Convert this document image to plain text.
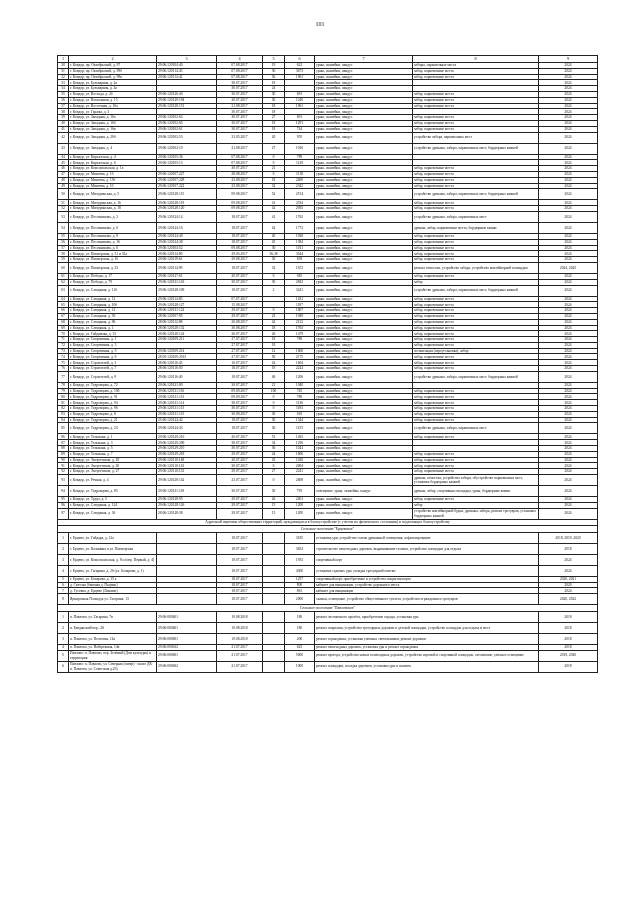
101
1	2	3	4	5	6	7	8	9
30	г. Ковдор, пр. Октябрьский, д. 97	29:06:120104:40	07.08.2017	19	622	урны, скамейки, пандус	заборы, парковочные места	2024
31	г. Ковдор, пр. Октябрьский, д. 99б	29:06:120114:43	07.08.2017	30	3673	урны, скамейки, пандус	забор, парковочные места	2024
32	г. Ковдор, пр. Октябрьский, д. 99в	29:06:120114:42	07.08.2017	36	1961	урны, скамейки, пандус	забор, парковочные места	2024
33	г. Ковдор, ул. Бульварная, д. 2а		30.07.2017	18		урны, скамейки, пандус		2024
34	г. Ковдор, ул. Бульварная, д. 4а		30.07.2017	24		урны, скамейки, пандус		2024
35	г. Ковдор, ул. Восхода, д. 24	29:06:120126:40	30.07.2017	30	691	урны, скамейки, пандус	забор, парковочные места	2024
36	г. Ковдор, ул. Вокзальная, д. 15	29:06:120129:194	30.07.2017	30	1240	урны, скамейки, пандус	забор, парковочные места	2024
37	г. Ковдор, ул. Восточная, д. 10а	29:06:120128:151	21.08.2017	18	1961	урны, скамейки, пандус	забор, парковочные места	2024
38	г. Ковдор, ул. Гаража, д. 3		30.07.2017	18		урны, скамейки, пандус		2024
39	г. Ковдор, ул. Западная, д. 16а	29:06:120102:63	30.07.2017	27	691	урны, скамейки, пандус	забор, парковочные места	2024
40	г. Ковдор, ул. Западная, д. 16б	29:06:120102:65	30.07.2017	18	1291	урны, скамейки, пандус	забор, парковочные места	2024
41	г. Ковдор, ул. Западная, д. 16в	29:06:120102:61	30.07.2017	18	744	урны, скамейки, пандус	забор, парковочные места	2024
42	г. Ковдор, ул. Западная, д. 20б	29:06:120102:53	23.05.2017	20	955	урны, скамейки, пандус	устройство забора, парковочных мест	2024
43	г. Ковдор, ул. Западная, д. 4	29:06:120102:10	21.08.2017	27	1016	урны, скамейки, пандус	устройство дренажа, забора, парковочных мест, бордюрных камней	2024
44	г. Ковдор, ул. Кирьятская, д. 4	29:06:120105:36	07.08.2017	0	789	урны, скамейки, пандус		2024
45	г. Ковдор, ул. Кирьятская, д. 6	29:06:120105:13	07.08.2017	0	1149	урны, скамейки, пандус		2024
46	г. Ковдор, ул. Комсомольская, д. 1а		30.07.2017	21		урны, скамейки, пандус	забор, парковочные места	2024
47	г. Ковдор, ул. Минеева, д. 1б	29:06:120107:227	28.08.2017	0	1118	урны, скамейки, пандус	забор, парковочные места	2024
48	г. Ковдор, ул. Минеева, д. 15б	29:06:120107:228	23.08.2017	18	2400	урны, скамейки, пандус	забор, парковочные места	2024
49	г. Ковдор, ул. Минеева, д. 10	29:06:120107:222	23.08.2017	32	2342	урны, скамейки, пандус	забор, парковочные места	2024
50	г. Ковдор, ул. Мичуринская, д. 5	29:06:120128:115	09.08.2017	52	2154	урны, скамейки, пандус	устройство дренажа, забора, парковочных мест, бордюрных камней	2024
51	г. Ковдор, ул. Мичуринская, д. 16	29:06:120128:119	09.08.2017	41	2534	урны, скамейки, пандус	забор, парковочные места	2024
52	г. Ковдор, ул. Мичуринская, д. 18	29:06:120128:120	09.08.2017	42	2935	урны, скамейки, пандус	забор, парковочные места	2024
53	г. Ковдор, ул. Песочникова, д. 2	29:06:120124:14	18.07.2017	41	1762	урны, скамейки, пандус	устройство дренажа, забора, парковочных мест	2024
54	г. Ковдор, ул. Песочникова, д. 6	29:06:120124:16	18.07.2017	42	1772	урны, скамейки, пандус	дренаж, забор, парковочные места, бордюрные камни	2024
55	г. Ковдор, ул. Песочникова, д. 8	29:06:120124:40	18.07.2017	40	1928	урны, скамейки, пандус	забор, парковочные места	2024
56	г. Ковдор, ул. Песочникова, д. 16	29:06:120124:38	18.07.2017	45	1384	урны, скамейки, пандус	забор, парковочные места	2024
57	г. Ковдор, ул. Песочникова, д. 6	29:06:120104:52	09.08.2017	30	1011	урны, скамейки, пандус	забор, парковочные места	2024
58	г. Ковдор, ул. Пионерская, д. 31 и 31а	29:06:120114:80	29.03.2017	36,38	3544	урны, скамейки, пандус	забор, парковочные места	2024
59	г. Ковдор, ул. Пионерская, д. 16	29:06:120119:61	29.08.2017	30	639	урны, скамейки, пандус	забор, парковочные места	2024
60	г. Ковдор, ул. Пионерская, д. 33	29:06:120114:99	18.07.2017	32	1672	урны, скамейки, пандус	ремонт отмостки, устройство забора, устройство контейнерной площадки	2024, 2025
61	г. Ковдор, ул. Победы, д. 17	29:06:120127:61	20.07.2017	0	945	урны, скамейки, пандус	забор, парковочные места	2024
62	г. Ковдор, ул. Победы, д. 79	29:06:120131:143	30.07.2017	30	2843	урны, скамейки, пандус	забор	2024
63	г. Ковдор, ул. Слюдяная, д. 11б	29:06:120128:109	18.07.2017	2	3241	урны, скамейки, пандус	устройство дренажа, забора, парковочных мест, бордюрных камней	2024
64	г. Ковдор, ул. Слюдяная, д. 12	29:06:120114:85	07.07.2017		1431	урны, скамейки, пандус	забор, парковочные места	2024
65	г. Ковдор, ул. Слюдяная, д. 10б	29:06:120128:127	15.08.2017		1187	урны, скамейки, пандус	забор, парковочные места	2024
66	г. Ковдор, ул. Слюдяная, д. 12	28:06:120131:122	29.07.2017	0	1807	урны, скамейки, пандус	забор, парковочные места	2024
67	г. Ковдор, ул. Слюдяная, д. 93	28:06:120107:85	29.07.2017	23	1949	урны, скамейки, пандус	забор, парковочные места	2024
68	г. Ковдор, ул. Слюдяная, д. 96	28:06:120112:88	26.08.2017	42	2122	урны, скамейки, пандус	забор, парковочные места	2024
69	г. Ковдор, ул. Слюдяная, д. 1	28:06:120128:132	30.08.2017	18	1763	урны, скамейки, пандус	забор, парковочные места	2024
70	г. Ковдор, ул. Гайдамака, д. 15	29:06:120128:124	26.07.2017	26	1479	урны, скамейки, пандус	забор, парковочные места	2024
71	г. Ковдор, ул. Спортивная, д. 1	29:06:120109:211	27.07.2017	18	780	урны, скамейки, пандус	забор, парковочные места	2024
72	г. Ковдор, ул. Спортивная, д. 3		27.07.2017	18		урны, скамейки, пандус	забор, парковочные места	2024
73	г. Ковдор, ул. Спортивная, д. 5	29:06:120109:214	27.07.2017	12	1600	урны, скамейки, пандус	ассенизация (переустановка), забор	2024
74	г. Ковдор, ул. Спортивная, д. 6	28:05:120109:2015	27.07.2017	50	2175	урны, скамейки, пандус	забор, парковочные места	2024
75	г. Ковдор, ул. Строителей, д. 3	28:06:120116:43	16.07.2017	42	1604	урны, скамейки, пандус	забор, парковочные места	2024
76	г. Ковдор, ул. Строителей, д. 7	28:06:120116:50	18.07.2017	19	2224	урны, скамейки, пандус	забор, парковочные места	2024
77	г. Ковдор, ул. Строителей, д. 9	29:06:120116:40	18.07.2017	46	1206	урны, скамейки, пандус	устройство дренажа, забора, парковочных мест, бордюрных камней	2024
78	г. Ковдор, ул. Тедровцова, д. 72	29:06:120121:80	30.07.2017	21	1040	урны, скамейки, пандус		2024
79	г. Ковдор, ул. Тедровцова, д. 100	29:06:120131:116	09.09.2017	100	745	урны, скамейки, пандус	забор, парковочные места	2024
80	г. Ковдор, ул. Тедровцова, д. 91	29:06:120131:113	09.09.2017	0	780	урны, скамейки, пандус	забор, парковочные места	2024
81	г. Ковдор, ул. Тедровцова, д. 94	29:08:120131:114	30.07.2017	0	1136	урны, скамейки, пандус	забор, парковочные места	2024
82	г. Ковдор, ул. Тедровцова, д. 96	29:06:120131:115	30.07.2017	0	1183	урны, скамейки, пандус	забор, парковочные места	2024
83	г. Ковдор, ул. Тедровцова, д. 8	29:06:120131:115	30.09.2017	30	610	урны, скамейки, пандус	забор, парковочные места	2024
84	г. Ковдор, ул. Тедровцова, д. 21	25:06:120124:42	18.07.2017	30	1344	урны, скамейки, пандус	забор, парковочные места	2024
85	г. Ковдор, ул. Тедровцова, д. 23	29:06:120124:43	18.07.2017	36	1155	урны, скамейки, пандус	устройство дренажа, забора, парковочных мест	2024
86	г. Ковдор, ул. Тельмана, д. 1	29:06:120129:216	26.07.2017	51	1265	урны, скамейки, пандус	забор, парковочные места	2024
87	г. Ковдор, ул. Тельмана, д. 3	29:06:120129:209	30.07.2017	34	1256	урны, скамейки, пандус		2024
88	г. Ковдор, ул. Тельмана, д. 5	29:06:120129:210	30.07.2017	36	1024	урны, скамейки, пандус		2024
89	г. Ковдор, ул. Тельмана, д. 7	29:06:120129:218	29.07.2017	44	1606	урны, скамейки, пандус	забор, парковочные места	2024
90	г. Ковдор, ул. Энергетиков, д. 18	29:06:120110:148	30.07.2017	43	1420	урны, скамейки, пандус	забор, парковочные места	2024
91	г. Ковдор, ул. Энергетиков, д. 20	29:06:120110:143	30.07.2017	0	2694	урны, скамейки, пандус	забор, парковочные места	2024
92	г. Ковдор, ул. Энергетиков, д. 27	29:06:120110:133	29.07.2017	27	2241	урны, скамейки, пандус	забор, парковочные места	2024
93	г. Ковдор, ул. Речная, д. 4	29:06:120128:142	23.07.2017	0	2608	урны, скамейки, пандус	дренаж, отмостка, устройство забора, обустройство парковочных мест, установка бордюрных камней	2024
94	г. Ковдор, ул. Тедровцова, д. 85	29:06:120131:118	30.07.2017	30	795	освещение, урны, скамейки, пандус	дренаж, забор, спортивная площадка, урны, бордюрные камни	2024
95	г. Ковдор, ул. Труда, д. 5	29:06:120128:95	29.07.2017	26	2401	урны, скамейки, пандус	забор, парковочные места	2024
96	г. Ковдор, ул. Слюдяная, д. 124	29:06:120128:126	29.07.2017	15	1200	урны, скамейки, пандус	забор	2024
97	г. Ковдор, ул. Слюдяная, д. 3б	28:06:120128:38	29.07.2017	15	1200	урны, скамейки, пандус	устройство контейнерной будки, дренажа, забора, ремонт тротуаров, установка бордюрных камней	2024
Адресный перечень общественных территорий, нуждающихся в благоустройстве (с учетом их физического состояния) и подлежащих благоустройству								
Сельское поселение "Ерцевское"								
1	г. Ерцево, ул. Гайдара, д. 12а		18.07.2017		3185	установка урн, устройство схемы дренажной освещения, асфальтирование		2018, 2019, 2020
2	г. Ерцево, ул. Калинина и ул. Пионерская		18.07.2017		3652	строительство пешеходных дорожек, выравнивание газонов, устройство площадки для отдыха		2018
3	г. Ерцево, ул. Комсомольская, д. 8 и (пер. Первый, д. 4)		18.07.2017		1933	спортивный корт		2024
4	г. Ерцево, ул. Гагарина, д. 26 (ул. Бочарова, д. 1)		18.07.2017		4300	установка садовых урн, укладка тротуарной плитки		2024
5	г. Ерцево, ул. Бочарова, д. 15 а		18.07.2017		1257	спортивный корт, приобретение и устройство покрытия корта		2020, 2021
6	д. Светлая (бывшая д. Поцино)		18.07.2017		800	кабинет для вакцинации, устройство дорожного места		2020
7	д. Гусевка, д. Ерцево (Ланаши)		18.07.2017		861	кабинет для вакцинации		2024
8	Ярмарочная Площадь ул. Гагарина, 13		18.07.2017		2000	скамьи, освещение, устройство общественного туалета, устройство ограждения и тротуаров		2020, 2022
Сельское поселение "Павловское"								
1	п. Павлово, ул. Гагарина, 7в	29:06:000401	10.08.2018		180	ремонт лестничного пролёта, приобретение ограды, установка урн		2018
2	п. Бевданский пер., 26	29:06:000401	10.08.2018		180	ремонт покрытия, устройство тротуарных дорожек и детской площадки, устройство площадок для отдыха и мест		2018
3	п. Павлово, ул. Почтовая, 14а	29:06:000601	10.08.2018		200	ремонт ограждения, установка уличных светильников, ремонт дорожки		2018
4	п. Павлово, ул. Набережная, 14в	29:06:000632	21.07.2017		625	ремонт пешеходных дорожек, установка урн и ремонт ограждения		2018
5	Павлово: п. Павлово, пер. Зелёный (Дом культуры) и территория	29:06:000601	21.07.2017		5000	ремонт проезда, устройство новых пешеходных дорожек, устройство игровой и спортивной площадок, озеленение, уличное освещение		2019, 2020
6	Павлово: п. Павлово, ул. Северная (сквер) - около ДК п. Павлово, ул. Советская д.23)	29:06:000602	21.07.2017		1000	ремонт площадки, посадка деревьев, установка урн и скамеек		2018
